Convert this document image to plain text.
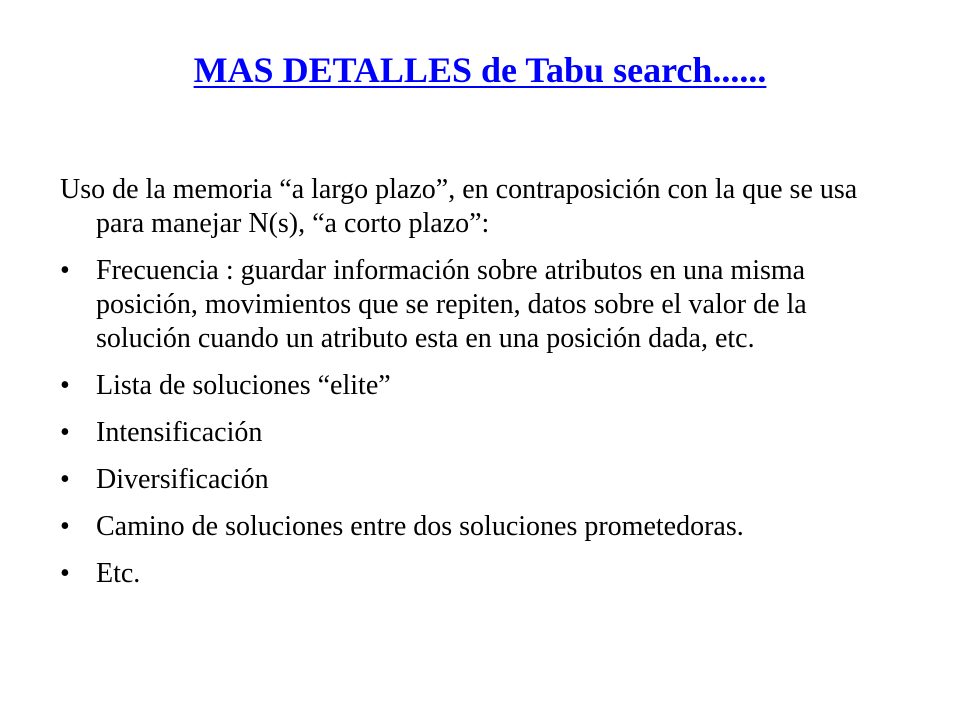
MAS DETALLES de Tabu search......

Uso de la memoria “a largo plazo”, en contraposición con la que se usa para manejar N(s), “a corto plazo”:

• Frecuencia : guardar información sobre atributos en una misma posición, movimientos que se repiten, datos sobre el valor de la solución cuando un atributo esta en una posición dada, etc.
• Lista de soluciones “elite”
• Intensificación
• Diversificación
• Camino de soluciones entre dos soluciones prometedoras.
• Etc.
